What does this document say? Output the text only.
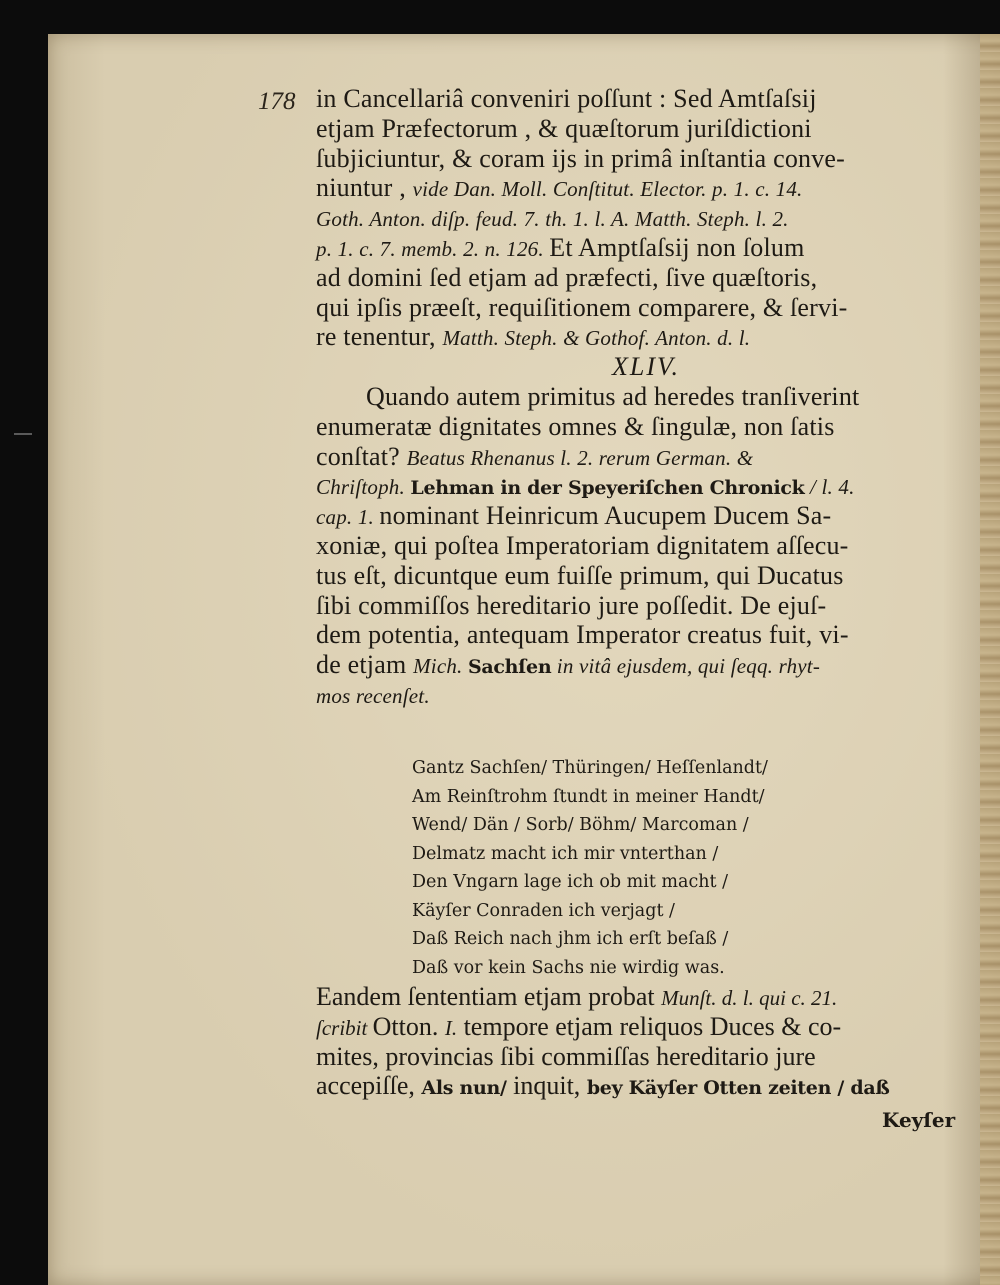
178 in Cancellariâ conveniri poſſunt : Sed Amtſaſsij
etjam Præfectorum , & quæſtorum juriſdictioni
ſubjiciuntur, & coram ijs in primâ inſtantia conve-
niuntur , vide Dan. Moll. Conſtitut. Elector. p. 1. c. 14.
Goth. Anton. diſp. feud. 7. th. 1. l. A. Matth. Steph. l. 2.
p. 1. c. 7. memb. 2. n. 126. Et Amptſaſsij non ſolum
ad domini ſed etjam ad præfecti, ſive quæſtoris,
qui ipſis præeſt, requiſitionem comparere, & ſervi-
re tenentur, Matth. Steph. & Gothof. Anton. d. l.
XLIV.
Quando autem primitus ad heredes tranſiverint
enumeratæ dignitates omnes & ſingulæ, non ſatis
conſtat? Beatus Rhenanus l. 2. rerum German. &
Chriſtoph. Lehman in der Speyeriſchen Chronick / l. 4.
cap. 1. nominant Heinricum Aucupem Ducem Sa-
xoniæ, qui poſtea Imperatoriam dignitatem aſſecu-
tus eſt, dicuntque eum fuiſſe primum, qui Ducatus
ſibi commiſſos hereditario jure poſſedit. De ejuſ-
dem potentia, antequam Imperator creatus fuit, vi-
de etjam Mich. Sachſen in vitâ ejusdem, qui ſeqq. rhyt-
mos recenſet.
Gantz Sachſen/ Thüringen/ Heſſenlandt/
Am Reinſtrohm ſtundt in meiner Handt/
Wend/ Dän / Sorb/ Böhm/ Marcoman /
Delmatz macht ich mir vnterthan /
Den Vngarn lage ich ob mit macht /
Käyſer Conraden ich verjagt /
Daß Reich nach jhm ich erſt beſaß /
Daß vor kein Sachs nie wirdig was.
Eandem ſententiam etjam probat Munſt. d. l. qui c. 21.
ſcribit Otton. I. tempore etjam reliquos Duces & co-
mites, provincias ſibi commiſſas hereditario jure
accepiſſe, Als nun/ inquit, bey Käyſer Otten zeiten / daß
Keyſer
